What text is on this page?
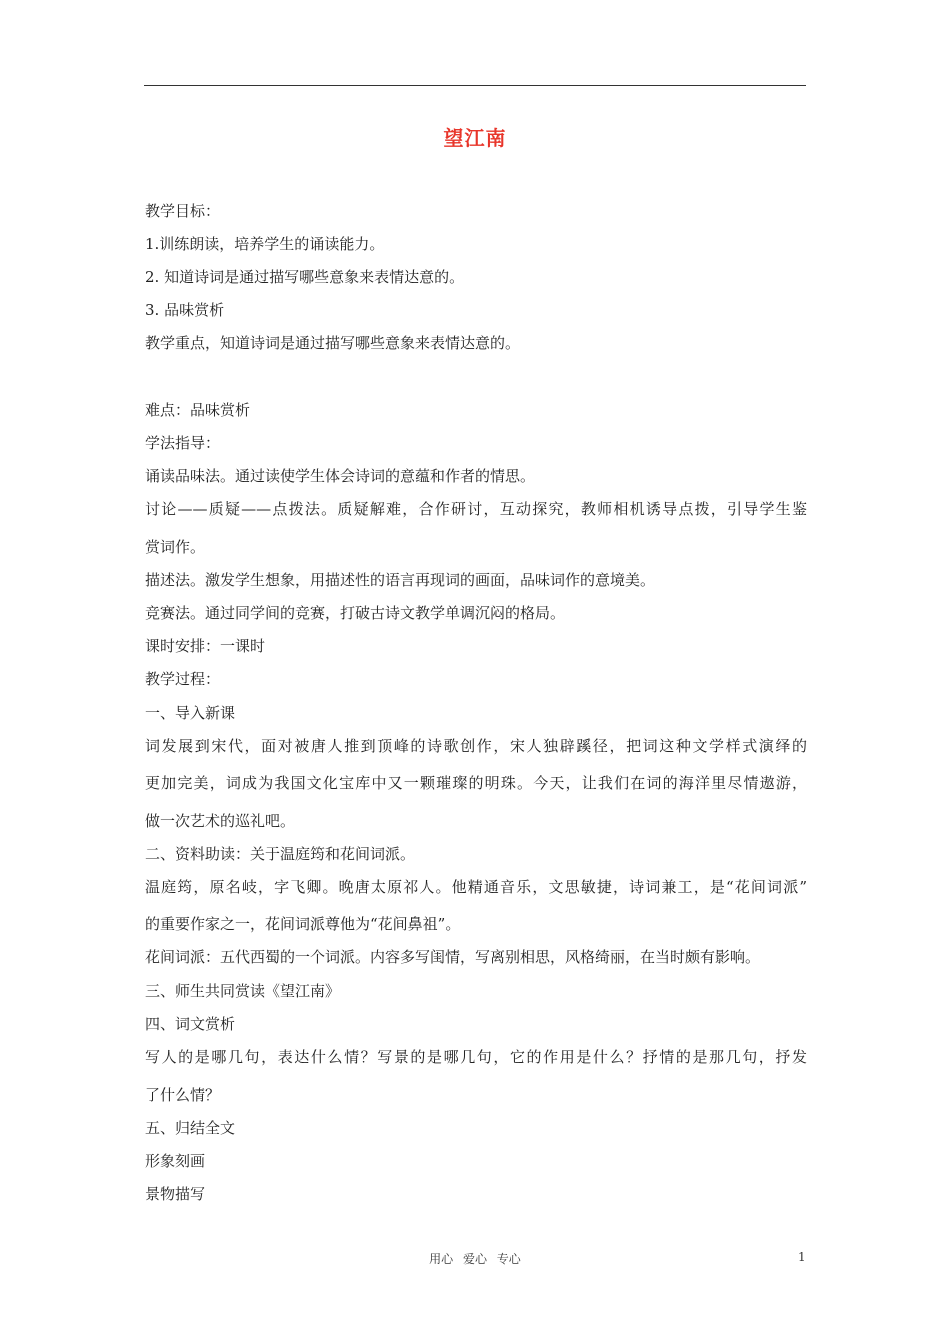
望江南
教学目标：
1.训练朗读，培养学生的诵读能力。
2. 知道诗词是通过描写哪些意象来表情达意的。
3. 品味赏析
教学重点，知道诗词是通过描写哪些意象来表情达意的。
难点：品味赏析
学法指导：
诵读品味法。通过读使学生体会诗词的意蕴和作者的情思。
讨论——质疑——点拨法。质疑解难，合作研讨，互动探究，教师相机诱导点拨，引导学生鉴
赏词作。
描述法。激发学生想象，用描述性的语言再现词的画面，品味词作的意境美。
竞赛法。通过同学间的竞赛，打破古诗文教学单调沉闷的格局。
课时安排：一课时
教学过程：
一、导入新课
词发展到宋代，面对被唐人推到顶峰的诗歌创作，宋人独辟蹊径，把词这种文学样式演绎的
更加完美，词成为我国文化宝库中又一颗璀璨的明珠。今天，让我们在词的海洋里尽情遨游，
做一次艺术的巡礼吧。
二、资料助读：关于温庭筠和花间词派。
温庭筠，原名岐，字飞卿。晚唐太原祁人。他精通音乐，文思敏捷，诗词兼工，是“花间词派”
的重要作家之一，花间词派尊他为“花间鼻祖”。
花间词派：五代西蜀的一个词派。内容多写闺情，写离别相思，风格绮丽，在当时颇有影响。
三、师生共同赏读《望江南》
四、词文赏析
写人的是哪几句，表达什么情？写景的是哪几句，它的作用是什么？抒情的是那几句，抒发
了什么情？
五、归结全文
形象刻画
景物描写
用心 爱心 专心	1
